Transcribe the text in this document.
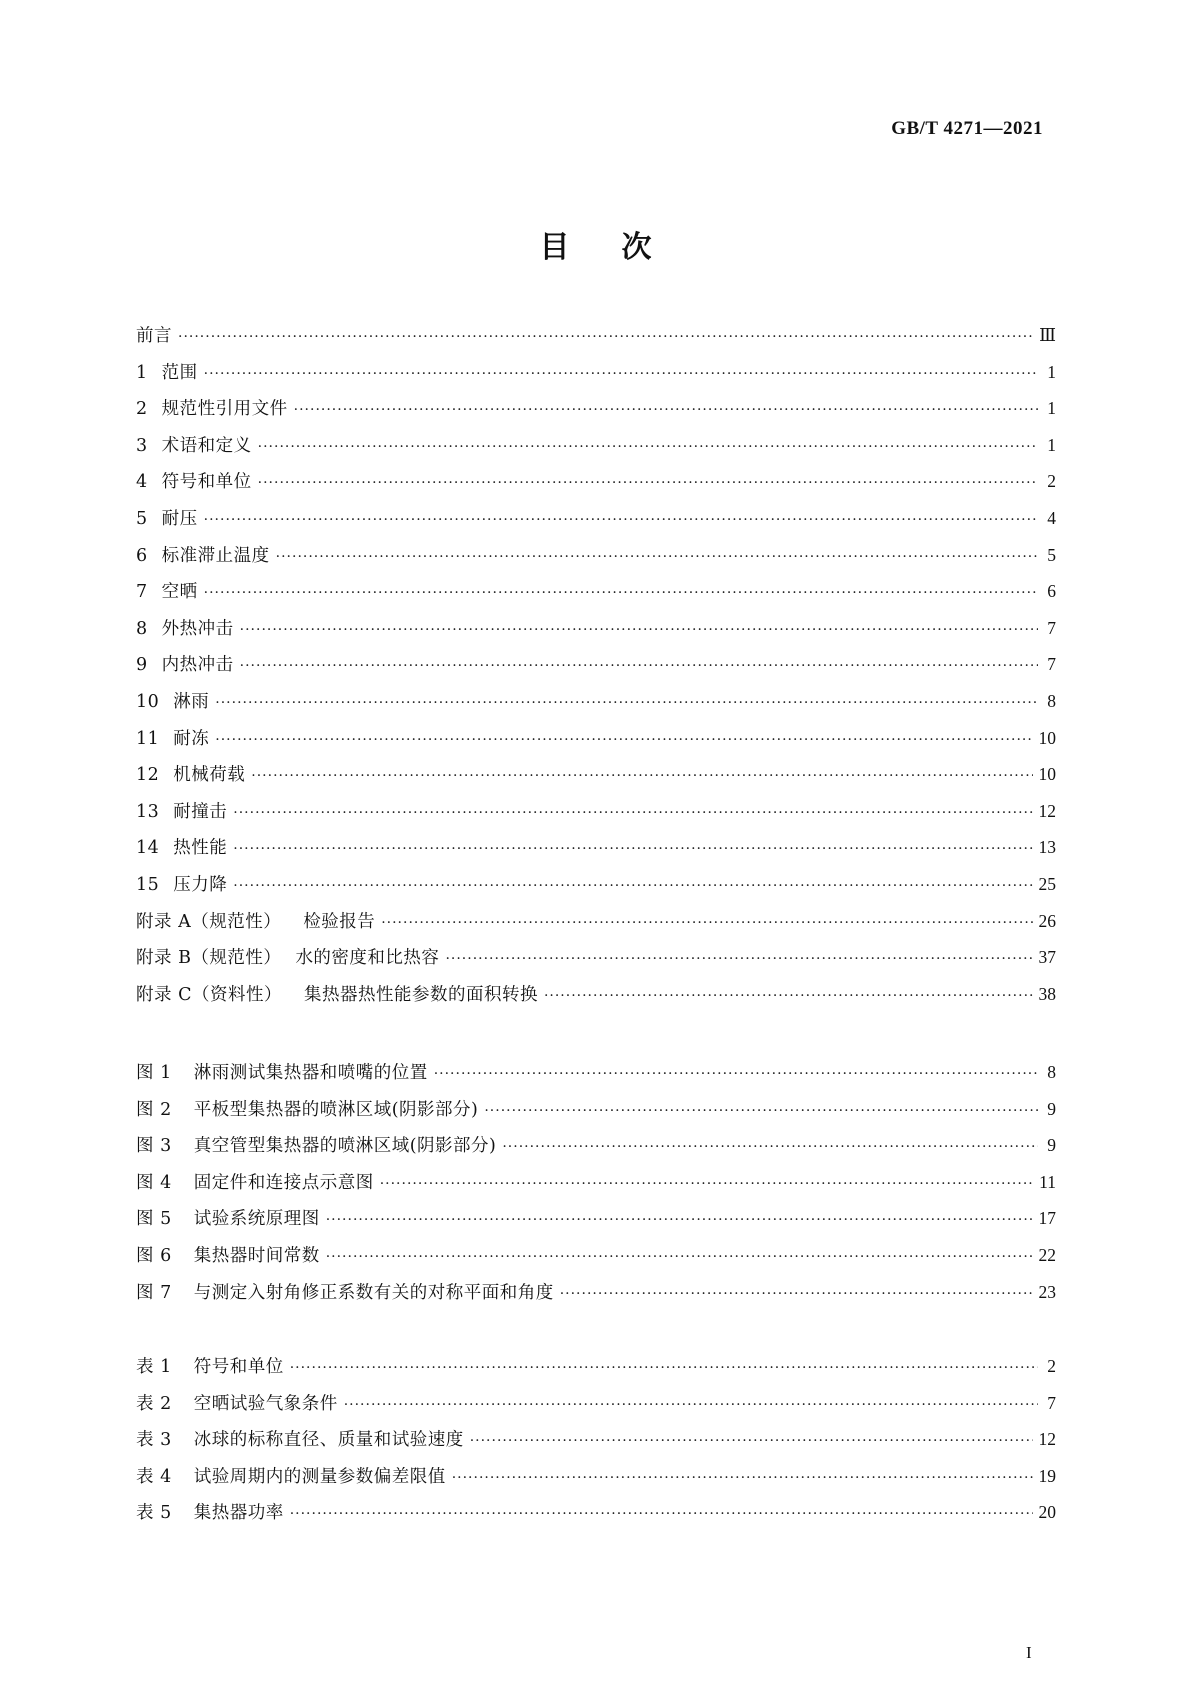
GB/T 4271—2021
目次
前言 ·····	Ⅲ
1 范围 ·····	1
2 规范性引用文件 ·····	1
3 术语和定义 ·····	1
4 符号和单位 ·····	2
5 耐压 ·····	4
6 标准滞止温度 ·····	5
7 空晒 ·····	6
8 外热冲击 ·····	7
9 内热冲击 ·····	7
10 淋雨 ·····	8
11 耐冻 ·····	10
12 机械荷载 ·····	10
13 耐撞击 ·····	12
14 热性能 ·····	13
15 压力降 ·····	25
附录 A（规范性） 检验报告 ·····	26
附录 B（规范性） 水的密度和比热容 ·····	37
附录 C（资料性） 集热器热性能参数的面积转换 ·····	38
图 1 淋雨测试集热器和喷嘴的位置 ·····	8
图 2 平板型集热器的喷淋区域(阴影部分) ·····	9
图 3 真空管型集热器的喷淋区域(阴影部分) ·····	9
图 4 固定件和连接点示意图 ·····	11
图 5 试验系统原理图 ·····	17
图 6 集热器时间常数 ·····	22
图 7 与测定入射角修正系数有关的对称平面和角度 ·····	23
表 1 符号和单位 ·····	2
表 2 空晒试验气象条件 ·····	7
表 3 冰球的标称直径、质量和试验速度 ·····	12
表 4 试验周期内的测量参数偏差限值 ·····	19
表 5 集热器功率 ·····	20
I
